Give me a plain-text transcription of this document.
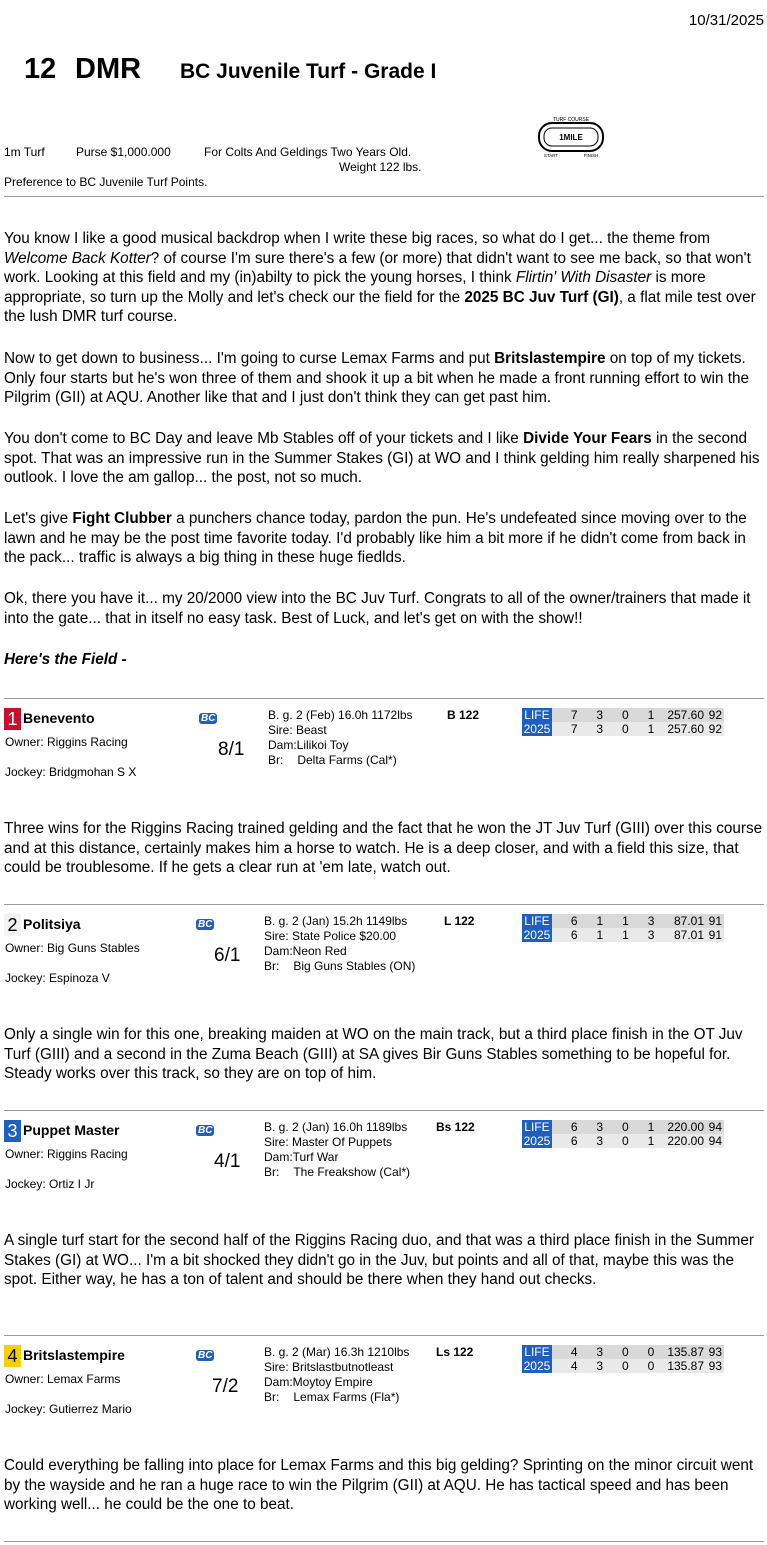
10/31/2025
12 DMR BC Juvenile Turf - Grade I
1m Turf	Purse $1,000.000	For Colts And Geldings Two Years Old.
Weight 122 lbs.
Preference to BC Juvenile Turf Points.
TURF COURSE
1MILE
START	FINISH

You know I like a good musical backdrop when I write these big races, so what do I get... the theme from Welcome Back Kotter? of course I'm sure there's a few (or more) that didn't want to see me back, so that won't work. Looking at this field and my (in)abilty to pick the young horses, I think Flirtin' With Disaster is more appropriate, so turn up the Molly and let's check our the field for the 2025 BC Juv Turf (GI), a flat mile test over the lush DMR turf course.

Now to get down to business... I'm going to curse Lemax Farms and put Britslastempire on top of my tickets. Only four starts but he's won three of them and shook it up a bit when he made a front running effort to win the Pilgrim (GII) at AQU. Another like that and I just don't think they can get past him.

You don't come to BC Day and leave Mb Stables off of your tickets and I like Divide Your Fears in the second spot. That was an impressive run in the Summer Stakes (GI) at WO and I think gelding him really sharpened his outlook. I love the am gallop... the post, not so much.

Let's give Fight Clubber a punchers chance today, pardon the pun. He's undefeated since moving over to the lawn and he may be the post time favorite today. I'd probably like him a bit more if he didn't come from back in the pack... traffic is always a big thing in these huge fiedlds.

Ok, there you have it... my 20/2000 view into the BC Juv Turf. Congrats to all of the owner/trainers that made it into the gate... that in itself no easy task. Best of Luck, and let's get on with the show!!

Here's the Field -
1 Benevento
Owner: Riggins Racing
Jockey: Bridgmohan S X
BC
8/1
B. g. 2 (Feb) 16.0h 1172lbs
Sire: Beast
Dam:Lilikoi Toy
Br: Delta Farms (Cal*)
B 122	LIFE	7	3	0	1	257.60	92
2025	7	3	0	1	257.60	92
Three wins for the Riggins Racing trained gelding and the fact that he won the JT Juv Turf (GIII) over this course and at this distance, certainly makes him a horse to watch. He is a deep closer, and with a field this size, that could be troublesome. If he gets a clear run at 'em late, watch out.
2 Politsiya
Owner: Big Guns Stables
Jockey: Espinoza V
BC
6/1
B. g. 2 (Jan) 15.2h 1149lbs
Sire: State Police $20.00
Dam:Neon Red
Br: Big Guns Stables (ON)
L 122	LIFE	6	1	1	3	87.01	91
2025	6	1	1	3	87.01	91
Only a single win for this one, breaking maiden at WO on the main track, but a third place finish in the OT Juv Turf (GIII) and a second in the Zuma Beach (GIII) at SA gives Bir Guns Stables something to be hopeful for. Steady works over this track, so they are on top of him.
3 Puppet Master
Owner: Riggins Racing
Jockey: Ortiz I Jr
BC
4/1
B. g. 2 (Jan) 16.0h 1189lbs
Sire: Master Of Puppets
Dam:Turf War
Br: The Freakshow (Cal*)
Bs 122	LIFE	6	3	0	1	220.00	94
2025	6	3	0	1	220.00	94
A single turf start for the second half of the Riggins Racing duo, and that was a third place finish in the Summer Stakes (GI) at WO... I'm a bit shocked they didn't go in the Juv, but points and all of that, maybe this was the spot. Either way, he has a ton of talent and should be there when they hand out checks.
4 Britslastempire
Owner: Lemax Farms
Jockey: Gutierrez Mario
BC
7/2
B. g. 2 (Mar) 16.3h 1210lbs
Sire: Britslastbutnotleast
Dam:Moytoy Empire
Br: Lemax Farms (Fla*)
Ls 122	LIFE	4	3	0	0	135.87	93
2025	4	3	0	0	135.87	93
Could everything be falling into place for Lemax Farms and this big gelding? Sprinting on the minor circuit went by the wayside and he ran a huge race to win the Pilgrim (GII) at AQU. He has tactical speed and has been working well... he could be the one to beat.
